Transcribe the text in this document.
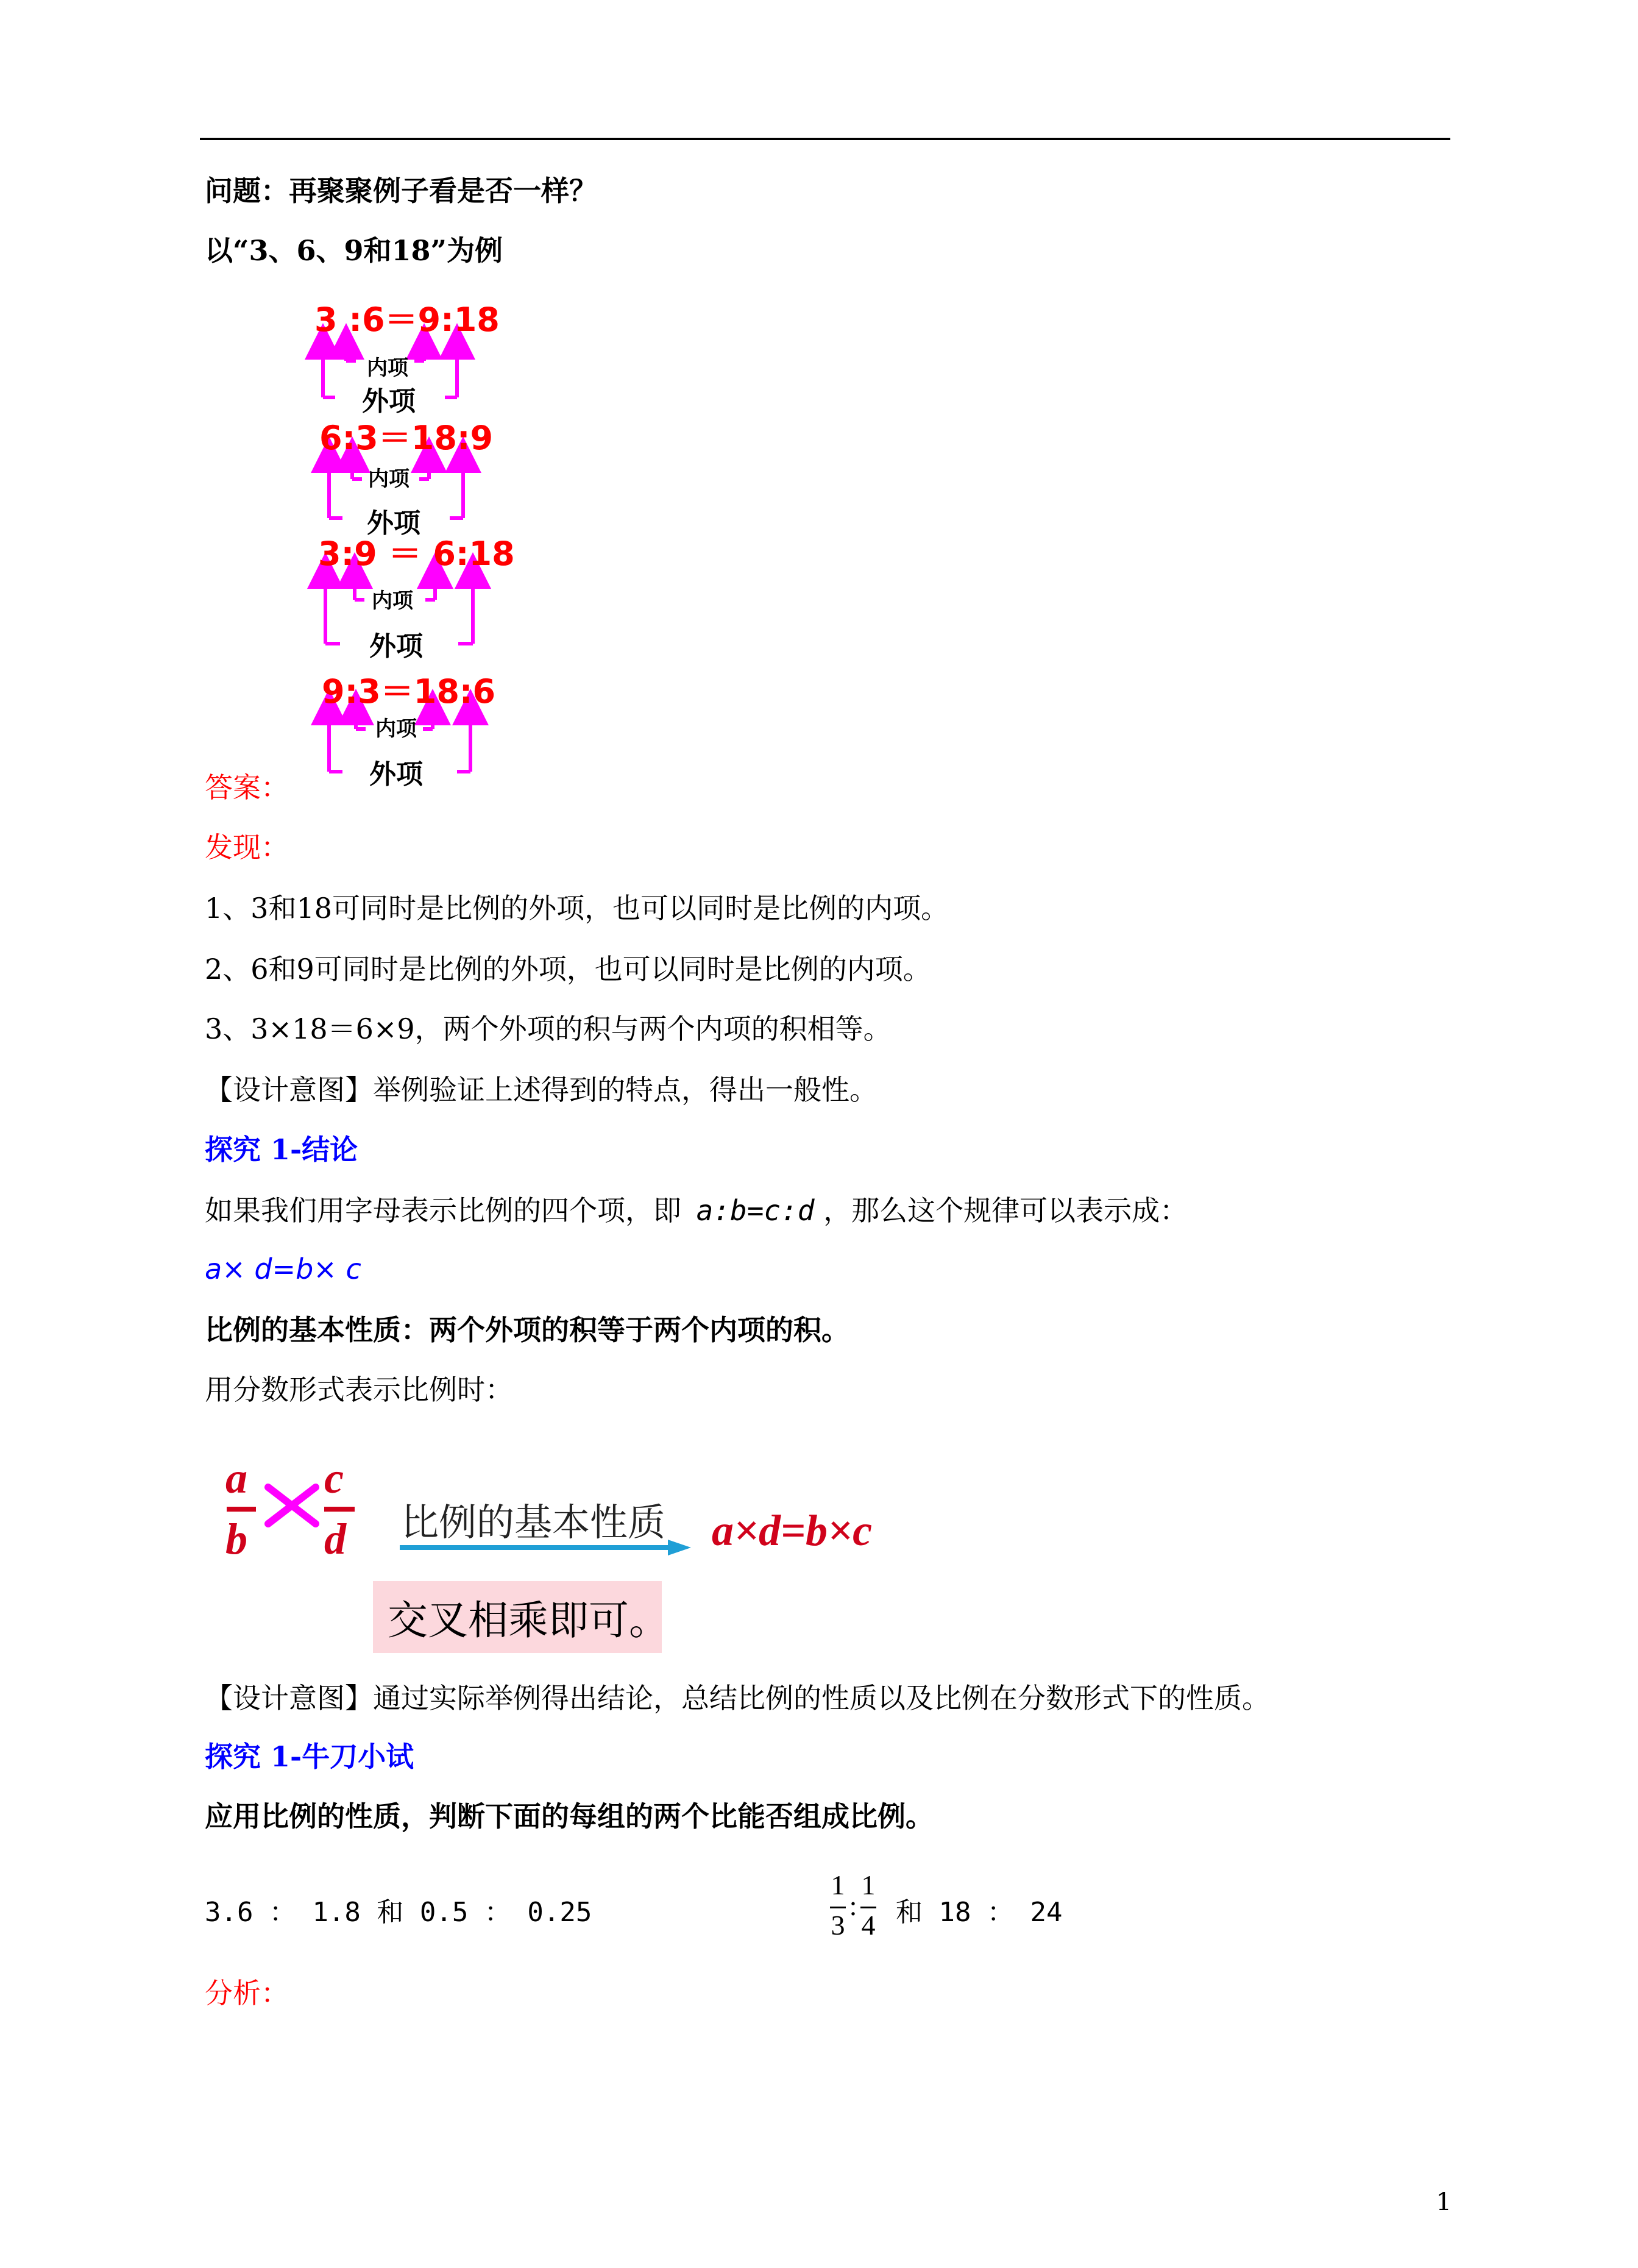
问题：再聚聚例子看是否一样？
以“3、6、9和18”为例
3 :6＝9:18
内项
外项
6:3＝18:9
内项
外项
3:9 ＝ 6:18
内项
外项
9:3＝18:6
内项
外项
答案：
发现：
1、3和18可同时是比例的外项，也可以同时是比例的内项。
2、6和9可同时是比例的外项，也可以同时是比例的内项。
3、3×18＝6×9，两个外项的积与两个内项的积相等。
【设计意图】举例验证上述得到的特点，得出一般性。
探究 1-结论
如果我们用字母表示比例的四个项，即 a:b=c:d ，那么这个规律可以表示成：
a× d=b× c
比例的基本性质：两个外项的积等于两个内项的积。
用分数形式表示比例时：
a
b
c
d 比例的基本性质 a×d=b×c
交叉相乘即可。
【设计意图】通过实际举例得出结论，总结比例的性质以及比例在分数形式下的性质。
探究 1-牛刀小试
应用比例的性质，判断下面的每组的两个比能否组成比例。
3.6 ： 1.8 和 0.5 ： 0.25
1
3
:
1
4 和 18 ： 24
分析：
1
